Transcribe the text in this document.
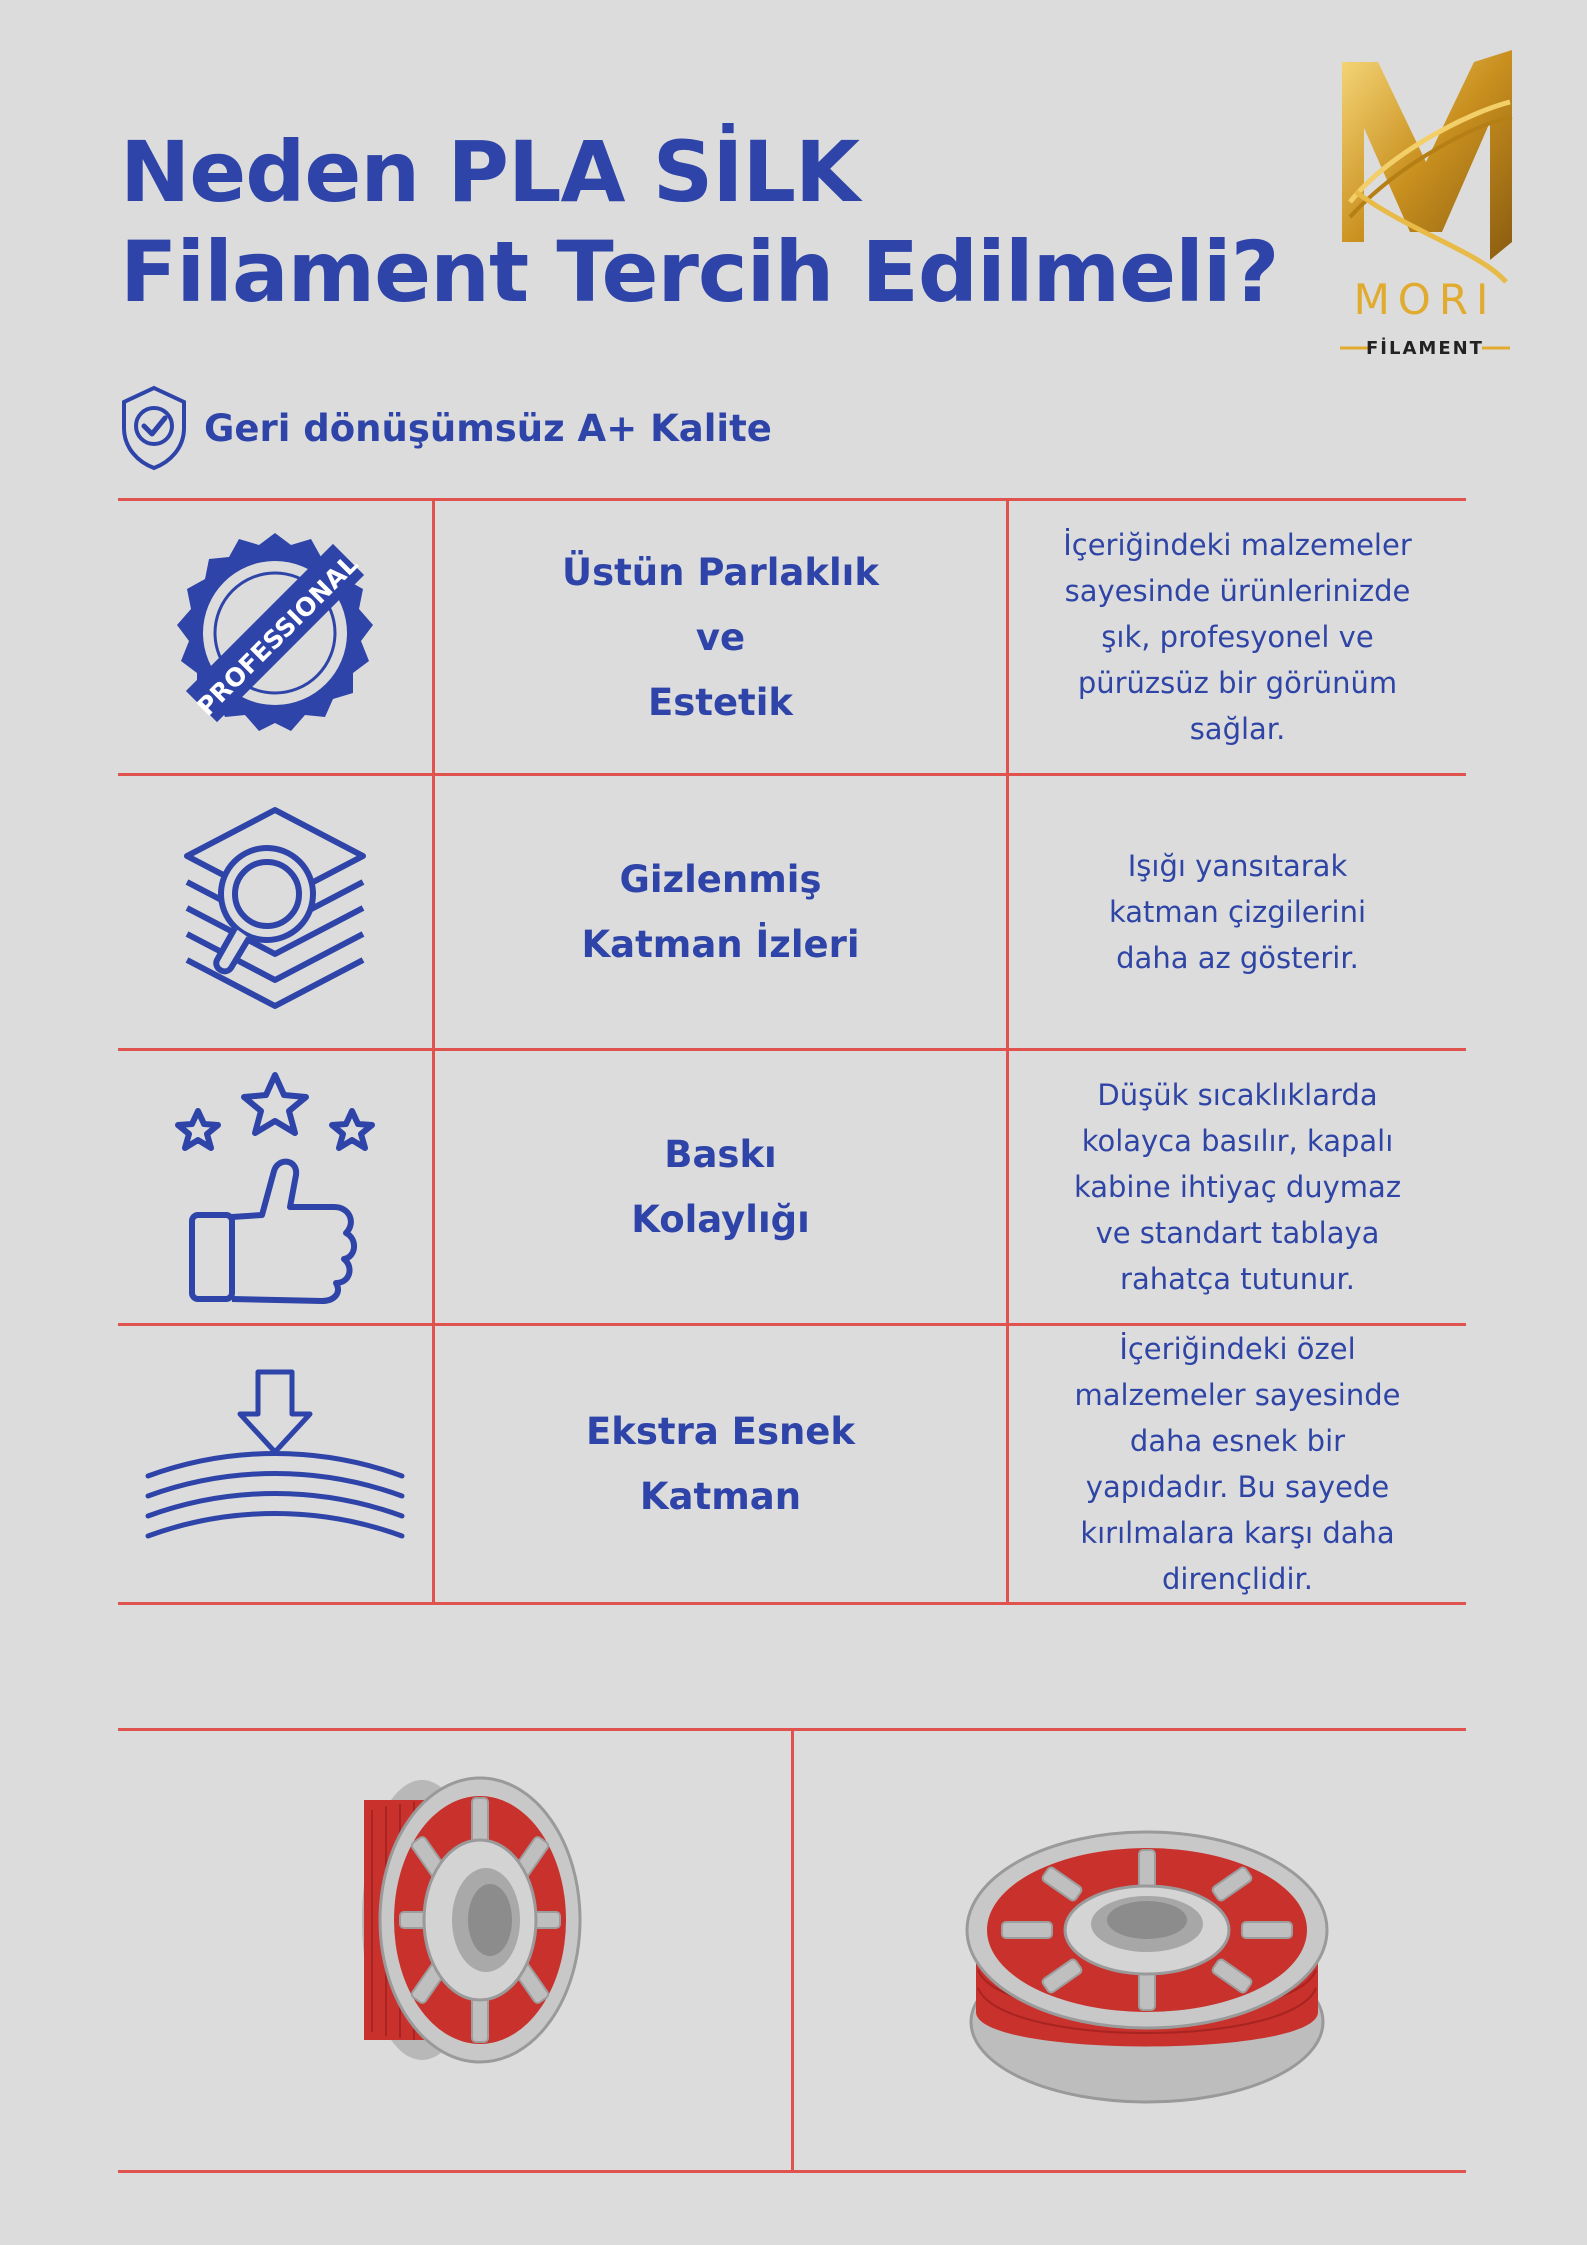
Neden PLA SİLK
Filament Tercih Edilmeli?	MORI
FİLAMENT
Geri dönüşümsüz A+ Kalite
PROFESSIONAL	Üstün Parlaklık
ve
Estetik
İçeriğindeki malzemeler
sayesinde ürünlerinizde
şık, profesyonel ve
pürüzsüz bir görünüm
sağlar.
Gizlenmiş
Katman İzleri
Işığı yansıtarak
katman çizgilerini
daha az gösterir.
Baskı
Kolaylığı
Düşük sıcaklıklarda
kolayca basılır, kapalı
kabine ihtiyaç duymaz
ve standart tablaya
rahatça tutunur.
Ekstra Esnek
Katman
İçeriğindeki özel
malzemeler sayesinde
daha esnek bir
yapıdadır. Bu sayede
kırılmalara karşı daha
dirençlidir.
